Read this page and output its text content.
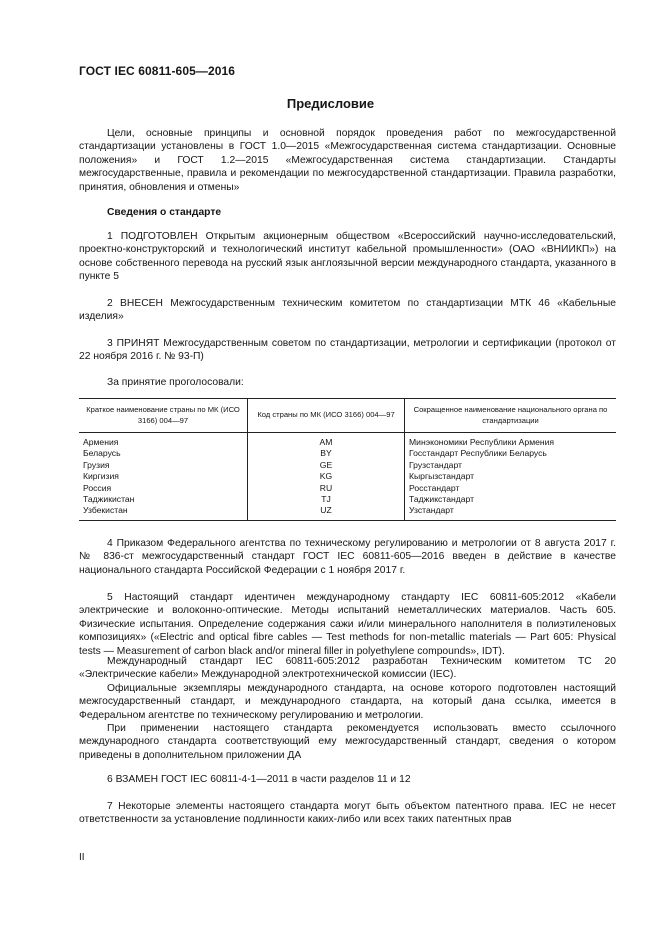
ГОСТ IEC 60811-605—2016
Предисловие

Цели, основные принципы и основной порядок проведения работ по межгосударственной стандартизации установлены в ГОСТ 1.0—2015 «Межгосударственная система стандартизации. Основные положения» и ГОСТ 1.2—2015 «Межгосударственная система стандартизации. Стандарты межгосударственные, правила и рекомендации по межгосударственной стандартизации. Правила разработки, принятия, обновления и отмены»

Сведения о стандарте

1 ПОДГОТОВЛЕН Открытым акционерным обществом «Всероссийский научно-исследовательский, проектно-конструкторский и технологический институт кабельной промышленности» (ОАО «ВНИИКП») на основе собственного перевода на русский язык англоязычной версии международного стандарта, указанного в пункте 5

2 ВНЕСЕН Межгосударственным техническим комитетом по стандартизации МТК 46 «Кабельные изделия»

3 ПРИНЯТ Межгосударственным советом по стандартизации, метрологии и сертификации (протокол от 22 ноября 2016 г. № 93-П)

За принятие проголосовали:
Краткое наименование страны по МК (ИСО 3166) 004—97	Код страны по МК (ИСО 3166) 004—97	Сокращенное наименование национального органа по стандартизации
Армения	AM	Минэкономики Республики Армения
Беларусь	BY	Госстандарт Республики Беларусь
Грузия	GE	Грузстандарт
Киргизия	KG	Кыргызстандарт
Россия	RU	Росстандарт
Таджикистан	TJ	Таджикстандарт
Узбекистан	UZ	Узстандарт

4 Приказом Федерального агентства по техническому регулированию и метрологии от 8 августа 2017 г. № 836-ст межгосударственный стандарт ГОСТ IEC 60811-605—2016 введен в действие в качестве национального стандарта Российской Федерации с 1 ноября 2017 г.

5 Настоящий стандарт идентичен международному стандарту IEC 60811-605:2012 «Кабели электрические и волоконно-оптические. Методы испытаний неметаллических материалов. Часть 605. Физические испытания. Определение содержания сажи и/или минерального наполнителя в полиэтиленовых композициях» («Electric and optical fibre cables — Test methods for non-metallic materials — Part 605: Physical tests — Measurement of carbon black and/or mineral filler in polyethylene compounds», IDT).

Международный стандарт IEC 60811-605:2012 разработан Техническим комитетом ТС 20 «Электрические кабели» Международной электротехнической комиссии (IEC).

Официальные экземпляры международного стандарта, на основе которого подготовлен настоящий межгосударственный стандарт, и международного стандарта, на который дана ссылка, имеется в Федеральном агентстве по техническому регулированию и метрологии.

При применении настоящего стандарта рекомендуется использовать вместо ссылочного международного стандарта соответствующий ему межгосударственный стандарт, сведения о котором приведены в дополнительном приложении ДА

6 ВЗАМЕН ГОСТ IEC 60811-4-1—2011 в части разделов 11 и 12

7 Некоторые элементы настоящего стандарта могут быть объектом патентного права. IEC не несет ответственности за установление подлинности каких-либо или всех таких патентных прав

II
